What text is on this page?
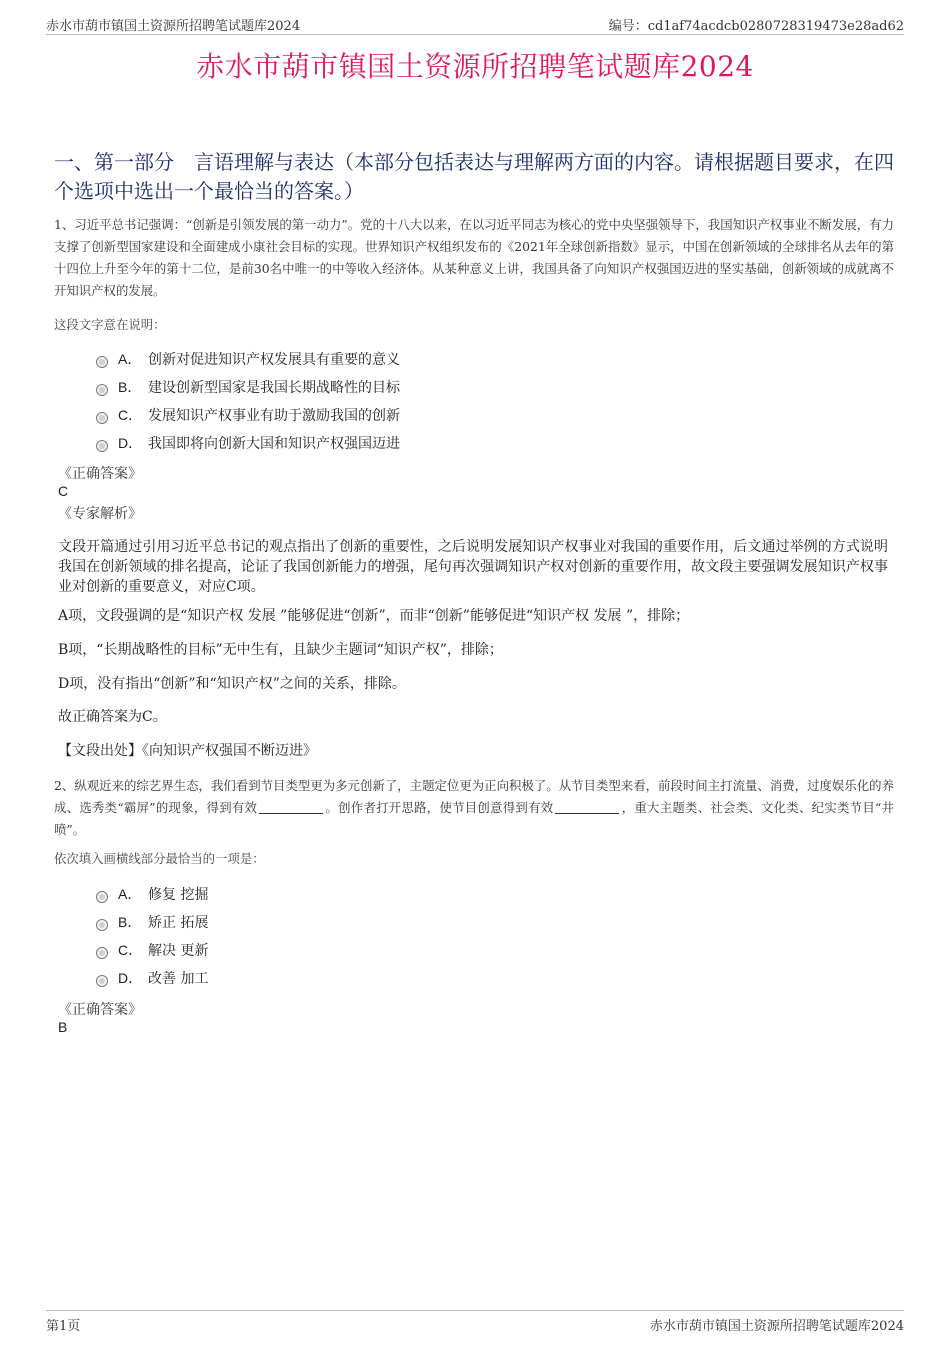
赤水市葫市镇国土资源所招聘笔试题库2024	编号：cd1af74acdcb0280728319473e28ad62
赤水市葫市镇国土资源所招聘笔试题库2024
一、第一部分　言语理解与表达（本部分包括表达与理解两方面的内容。请根据题目要求，在四个选项中选出一个最恰当的答案。）
1、习近平总书记强调：“创新是引领发展的第一动力”。党的十八大以来，在以习近平同志为核心的党中央坚强领导下，我国知识产权事业不断发展，有力支撑了创新型国家建设和全面建成小康社会目标的实现。世界知识产权组织发布的《2021年全球创新指数》显示，中国在创新领域的全球排名从去年的第十四位上升至今年的第十二位，是前30名中唯一的中等收入经济体。从某种意义上讲，我国具备了向知识产权强国迈进的坚实基础，创新领域的成就离不开知识产权的发展。
这段文字意在说明：
A． 创新对促进知识产权发展具有重要的意义
B． 建设创新型国家是我国长期战略性的目标
C． 发展知识产权事业有助于激励我国的创新
D． 我国即将向创新大国和知识产权强国迈进
《正确答案》
C
《专家解析》
文段开篇通过引用习近平总书记的观点指出了创新的重要性，之后说明发展知识产权事业对我国的重要作用，后文通过举例的方式说明我国在创新领域的排名提高，论证了我国创新能力的增强，尾句再次强调知识产权对创新的重要作用，故文段主要强调发展知识产权事业对创新的重要意义，对应C项。
A项，文段强调的是“知识产权 发展 ”能够促进“创新”，而非“创新”能够促进“知识产权 发展 ”，排除；
B项，“长期战略性的目标”无中生有，且缺少主题词“知识产权”，排除；
D项，没有指出“创新”和“知识产权”之间的关系，排除。
故正确答案为C。
【文段出处】《向知识产权强国不断迈进》
2、纵观近来的综艺界生态，我们看到节目类型更为多元创新了，主题定位更为正向积极了。从节目类型来看，前段时间主打流量、消费，过度娱乐化的养成、选秀类“霸屏”的现象，得到有效	。创作者打开思路，使节目创意得到有效	，重大主题类、社会类、文化类、纪实类节目“井喷”。
依次填入画横线部分最恰当的一项是：
A． 修复 挖掘
B． 矫正 拓展
C． 解决 更新
D． 改善 加工
《正确答案》
B
第1页	赤水市葫市镇国土资源所招聘笔试题库2024
